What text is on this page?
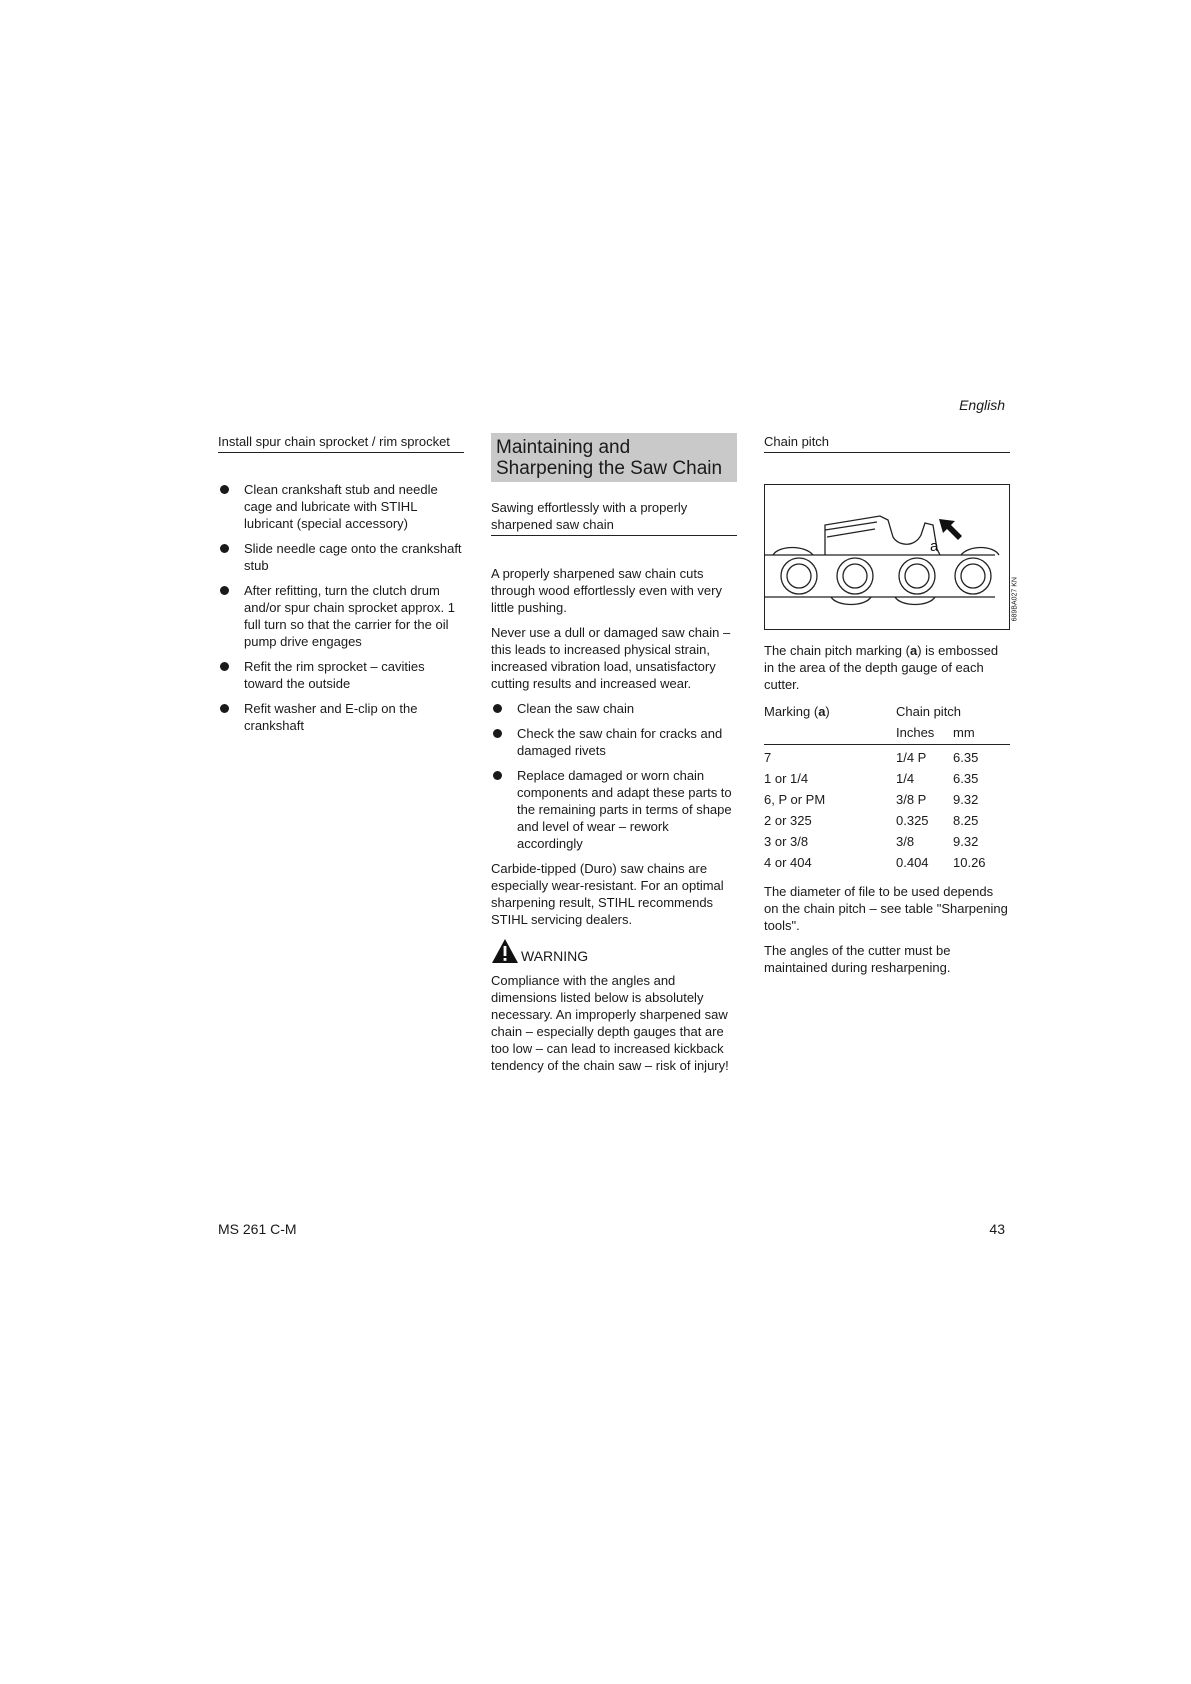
English
Install spur chain sprocket / rim sprocket
Clean crankshaft stub and needle cage and lubricate with STIHL lubricant (special accessory)
Slide needle cage onto the crankshaft stub
After refitting, turn the clutch drum and/or spur chain sprocket approx. 1 full turn so that the carrier for the oil pump drive engages
Refit the rim sprocket – cavities toward the outside
Refit washer and E-clip on the crankshaft
Maintaining and Sharpening the Saw Chain
Sawing effortlessly with a properly sharpened saw chain

A properly sharpened saw chain cuts through wood effortlessly even with very little pushing.

Never use a dull or damaged saw chain – this leads to increased physical strain, increased vibration load, unsatisfactory cutting results and increased wear.

Clean the saw chain
Check the saw chain for cracks and damaged rivets
Replace damaged or worn chain components and adapt these parts to the remaining parts in terms of shape and level of wear – rework accordingly

Carbide-tipped (Duro) saw chains are especially wear-resistant. For an optimal sharpening result, STIHL recommends STIHL servicing dealers.

WARNING

Compliance with the angles and dimensions listed below is absolutely necessary. An improperly sharpened saw chain – especially depth gauges that are too low – can lead to increased kickback tendency of the chain saw – risk of injury!

Chain pitch
a
689BA027 KN

The chain pitch marking (a) is embossed in the area of the depth gauge of each cutter.

Marking (a)	Chain pitch	
	Inches	mm
7	1/4 P	6.35
1 or 1/4	1/4	6.35
6, P or PM	3/8 P	9.32
2 or 325	0.325	8.25
3 or 3/8	3/8	9.32
4 or 404	0.404	10.26

The diameter of file to be used depends on the chain pitch – see table "Sharpening tools".

The angles of the cutter must be maintained during resharpening.

MS 261 C-M	43
